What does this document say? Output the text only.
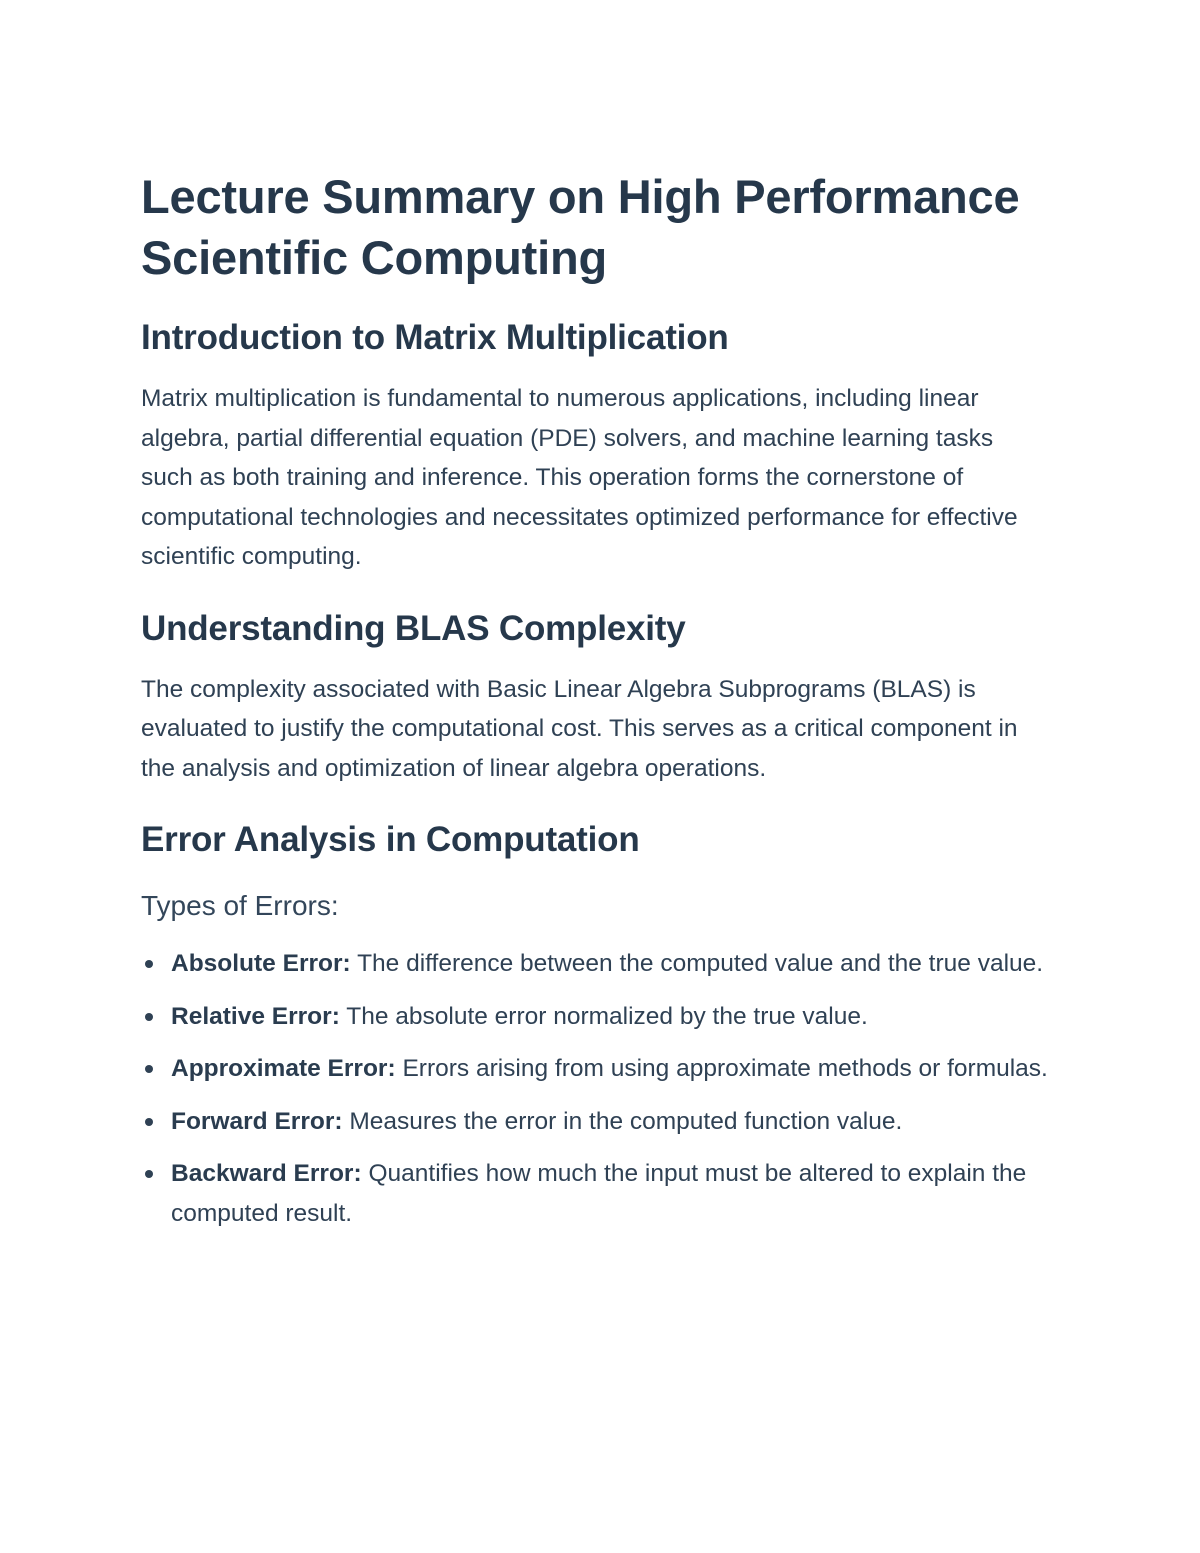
Lecture Summary on High Performance Scientific Computing
Introduction to Matrix Multiplication

Matrix multiplication is fundamental to numerous applications, including linear algebra, partial differential equation (PDE) solvers, and machine learning tasks such as both training and inference. This operation forms the cornerstone of computational technologies and necessitates optimized performance for effective scientific computing.

Understanding BLAS Complexity

The complexity associated with Basic Linear Algebra Subprograms (BLAS) is evaluated to justify the computational cost. This serves as a critical component in the analysis and optimization of linear algebra operations.

Error Analysis in Computation
Types of Errors:
Absolute Error: The difference between the computed value and the true value.
Relative Error: The absolute error normalized by the true value.
Approximate Error: Errors arising from using approximate methods or formulas.
Forward Error: Measures the error in the computed function value.
Backward Error: Quantifies how much the input must be altered to explain the computed result.
